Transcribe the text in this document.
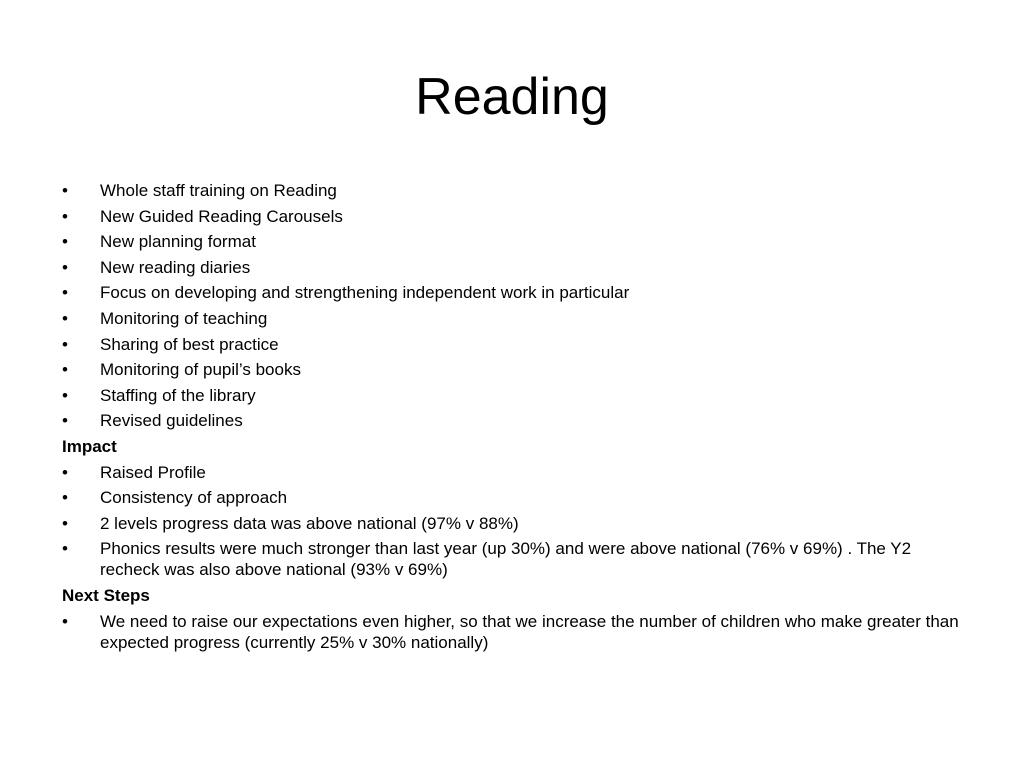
Reading
•	Whole staff training on Reading
•	New Guided Reading Carousels
•	New planning format
•	New reading diaries
•	Focus on developing and strengthening independent work in particular
•	Monitoring of teaching
•	Sharing of best practice
•	Monitoring of pupil’s books
•	Staffing of the library
•	Revised guidelines
Impact
•	Raised Profile
•	Consistency of approach
•	2 levels progress data was above national (97% v 88%)
•	Phonics results were much stronger than last year (up 30%) and were above national (76% v 69%) . The Y2 recheck was also above national (93% v 69%)
Next Steps
•	We need to raise our expectations even higher, so that we increase the number of children who make greater than expected progress (currently 25% v 30% nationally)
